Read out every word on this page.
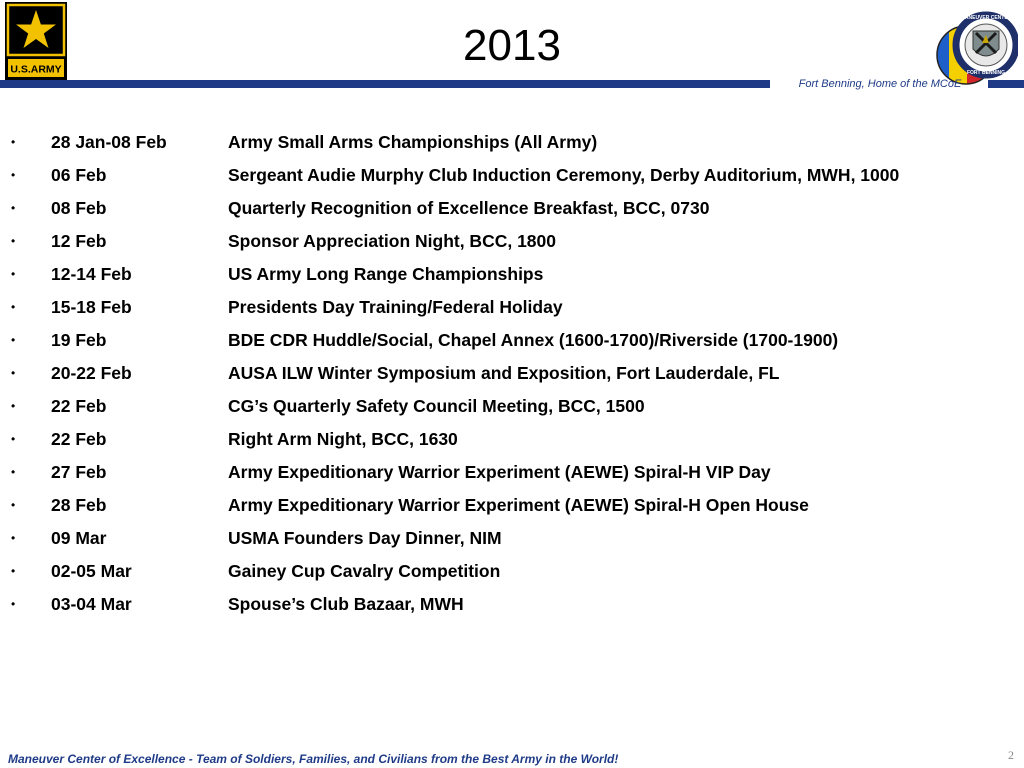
U.S.ARMY	2013
MANEUVER CENTER
FORT BENNING
Fort Benning, Home of the MCoE
• 28 Jan-08 Feb	Army Small Arms Championships (All Army)
• 06 Feb	Sergeant Audie Murphy Club Induction Ceremony, Derby Auditorium, MWH, 1000
• 08 Feb	Quarterly Recognition of Excellence Breakfast, BCC, 0730
• 12 Feb	Sponsor Appreciation Night, BCC, 1800
• 12-14 Feb	US Army Long Range Championships
• 15-18 Feb	Presidents Day Training/Federal Holiday
• 19 Feb	BDE CDR Huddle/Social, Chapel Annex (1600-1700)/Riverside (1700-1900)
• 20-22 Feb	AUSA ILW Winter Symposium and Exposition, Fort Lauderdale, FL
• 22 Feb	CG’s Quarterly Safety Council Meeting, BCC, 1500
• 22 Feb	Right Arm Night, BCC, 1630
• 27 Feb	Army Expeditionary Warrior Experiment (AEWE) Spiral-H VIP Day
• 28 Feb	Army Expeditionary Warrior Experiment (AEWE) Spiral-H Open House
• 09 Mar	USMA Founders Day Dinner, NIM
• 02-05 Mar	Gainey Cup Cavalry Competition
• 03-04 Mar	Spouse’s Club Bazaar, MWH
2
Maneuver Center of Excellence - Team of Soldiers, Families, and Civilians from the Best Army in the World!
